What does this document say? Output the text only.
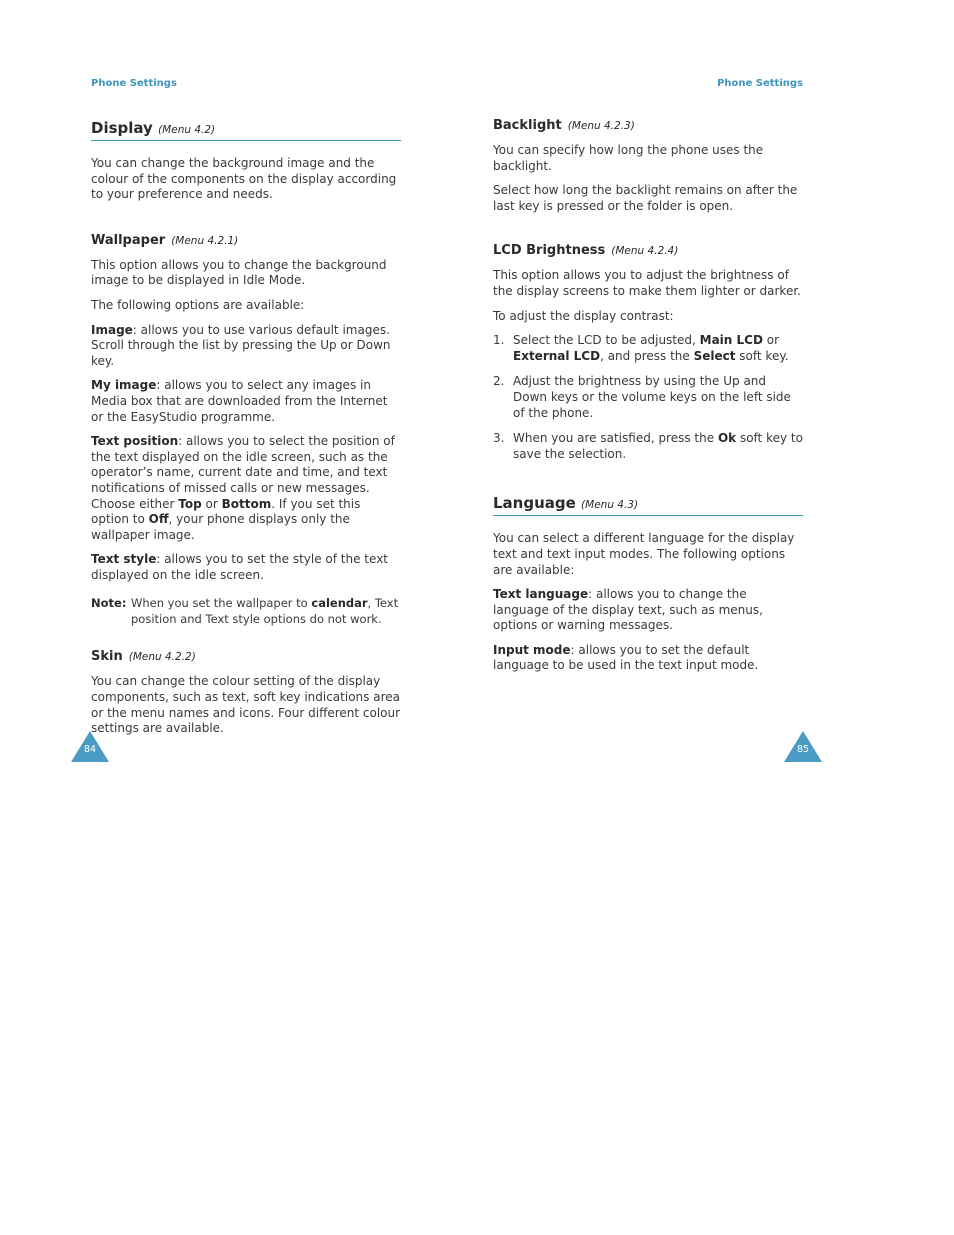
Phone Settings
Display (Menu 4.2)

You can change the background image and the colour of the components on the display according to your preference and needs.

Wallpaper (Menu 4.2.1)

This option allows you to change the background image to be displayed in Idle Mode.

The following options are available:

Image: allows you to use various default images. Scroll through the list by pressing the Up or Down key.

My image: allows you to select any images in Media box that are downloaded from the Internet or the EasyStudio programme.

Text position: allows you to select the position of the text displayed on the idle screen, such as the operator’s name, current date and time, and text notifications of missed calls or new messages. Choose either Top or Bottom. If you set this option to Off, your phone displays only the wallpaper image.

Text style: allows you to set the style of the text displayed on the idle screen.

Note: When you set the wallpaper to calendar, Text position and Text style options do not work.
Skin (Menu 4.2.2)

You can change the colour setting of the display components, such as text, soft key indications area or the menu names and icons. Four different colour settings are available.

84
Phone Settings
Backlight (Menu 4.2.3)

You can specify how long the phone uses the backlight.

Select how long the backlight remains on after the last key is pressed or the folder is open.

LCD Brightness (Menu 4.2.4)

This option allows you to adjust the brightness of the display screens to make them lighter or darker.

To adjust the display contrast:

1. Select the LCD to be adjusted, Main LCD or External LCD, and press the Select soft key.
2. Adjust the brightness by using the Up and Down keys or the volume keys on the left side of the phone.
3. When you are satisfied, press the Ok soft key to save the selection.
Language (Menu 4.3)

You can select a different language for the display text and text input modes. The following options are available:

Text language: allows you to change the language of the display text, such as menus, options or warning messages.

Input mode: allows you to set the default language to be used in the text input mode.

85
